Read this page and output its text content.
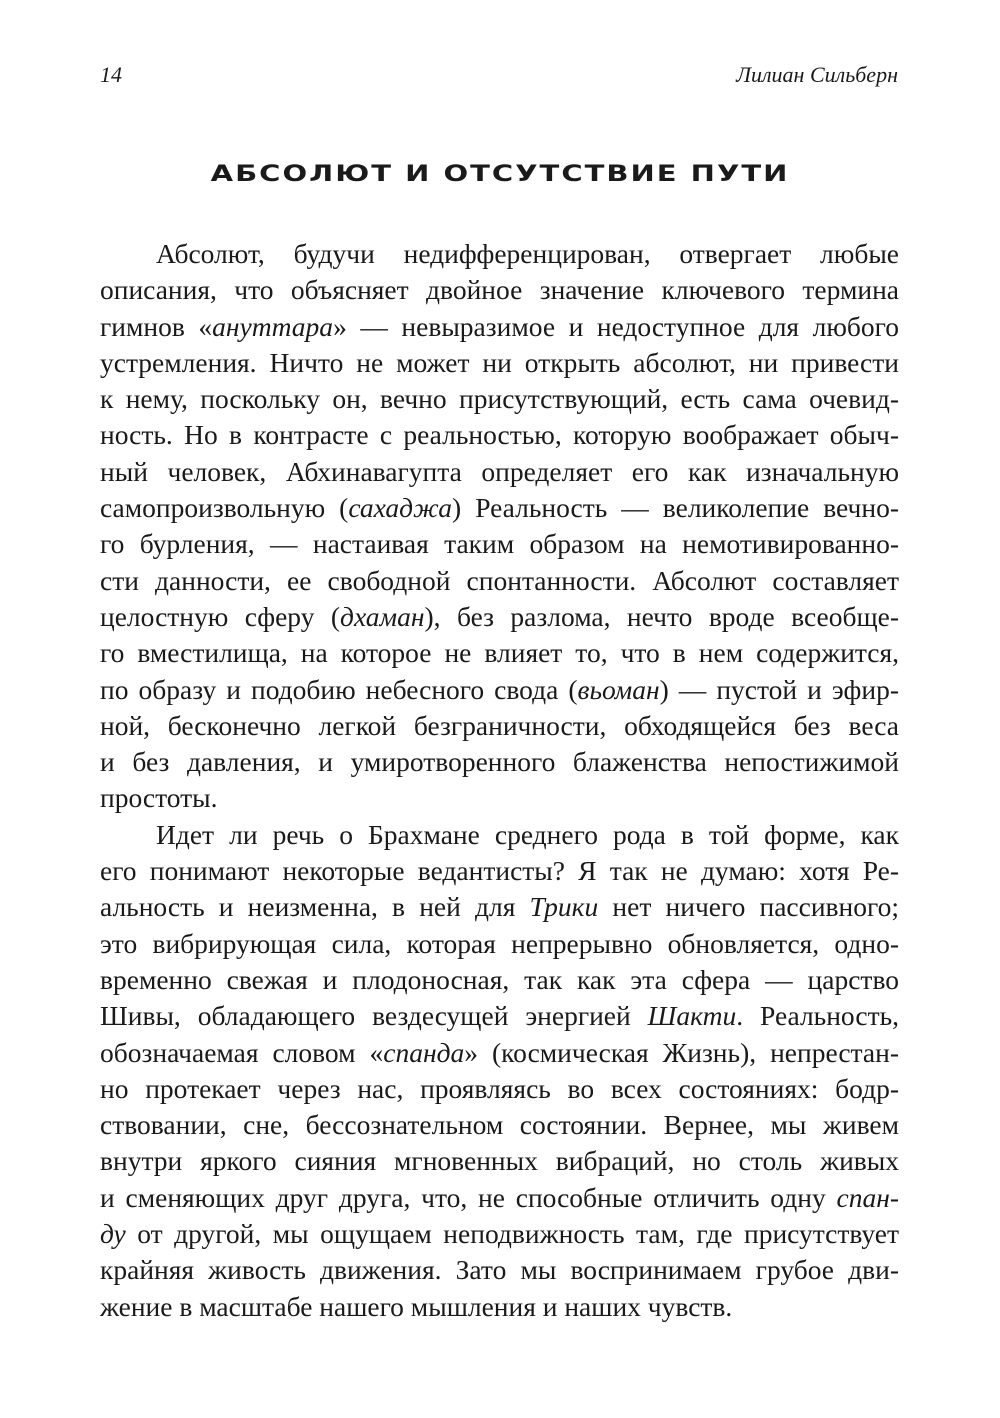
14	Лилиан Сильберн
АБСОЛЮТ И ОТСУТСТВИЕ ПУТИ
Абсолют, будучи недифференцирован, отвергает любые
описания, что объясняет двойное значение ключевого термина
гимнов «ануттара» — невыразимое и недоступное для любого
устремления. Ничто не может ни открыть абсолют, ни привести
к нему, поскольку он, вечно присутствующий, есть сама очевид-
ность. Но в контрасте с реальностью, которую воображает обыч-
ный человек, Абхинавагупта определяет его как изначальную
самопроизвольную (сахаджа) Реальность — великолепие вечно-
го бурления, — настаивая таким образом на немотивированно-
сти данности, ее свободной спонтанности. Абсолют составляет
целостную сферу (дхаман), без разлома, нечто вроде всеобще-
го вместилища, на которое не влияет то, что в нем содержится,
по образу и подобию небесного свода (вьоман) — пустой и эфир-
ной, бесконечно легкой безграничности, обходящейся без веса
и без давления, и умиротворенного блаженства непостижимой
простоты.
Идет ли речь о Брахмане среднего рода в той форме, как
его понимают некоторые ведантисты? Я так не думаю: хотя Ре-
альность и неизменна, в ней для Трики нет ничего пассивного;
это вибрирующая сила, которая непрерывно обновляется, одно-
временно свежая и плодоносная, так как эта сфера — царство
Шивы, обладающего вездесущей энергией Шакти. Реальность,
обозначаемая словом «спанда» (космическая Жизнь), непрестан-
но протекает через нас, проявляясь во всех состояниях: бодр-
ствовании, сне, бессознательном состоянии. Вернее, мы живем
внутри яркого сияния мгновенных вибраций, но столь живых
и сменяющих друг друга, что, не способные отличить одну спан-
ду от другой, мы ощущаем неподвижность там, где присутствует
крайняя живость движения. Зато мы воспринимаем грубое дви-
жение в масштабе нашего мышления и наших чувств.
